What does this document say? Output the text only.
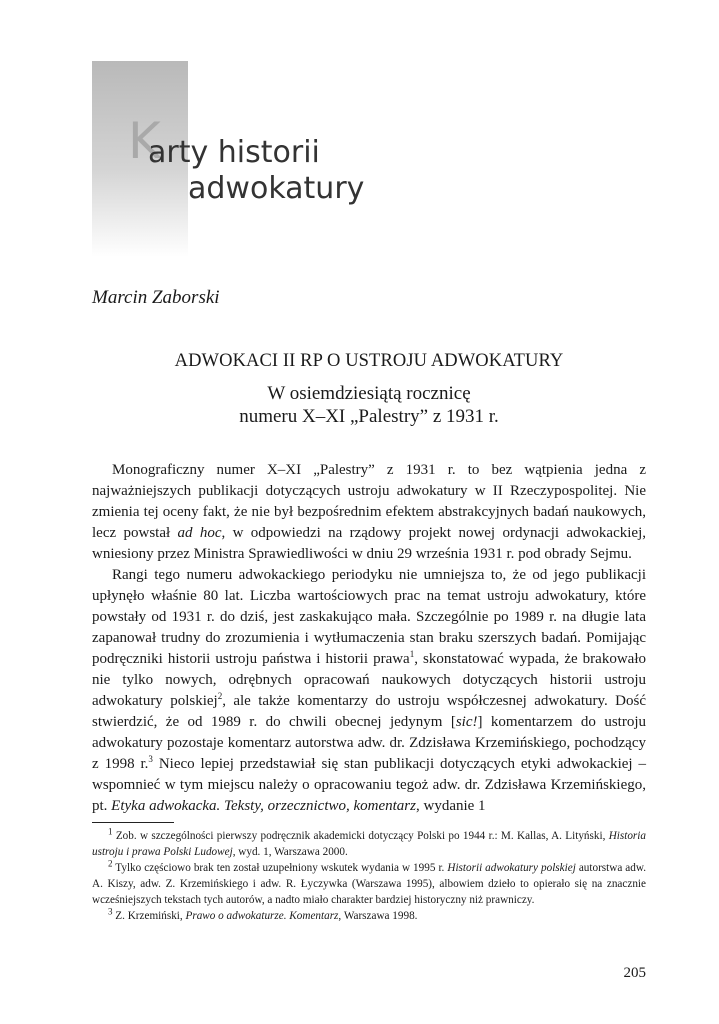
K
arty historii
adwokatury
Marcin Zaborski
ADWOKACI II RP O USTROJU ADWOKATURY
W osiemdziesiątą rocznicę
numeru X–XI „Palestry” z 1931 r.

Monograficzny numer X–XI „Palestry” z 1931 r. to bez wątpienia jedna z najważniejszych publikacji dotyczących ustroju adwokatury w II Rzeczypospolitej. Nie zmienia tej oceny fakt, że nie był bezpośrednim efektem abstrakcyjnych badań naukowych, lecz powstał ad hoc, w odpowiedzi na rządowy projekt nowej ordynacji adwokackiej, wniesiony przez Ministra Sprawiedliwości w dniu 29 września 1931 r. pod obrady Sejmu.

Rangi tego numeru adwokackiego periodyku nie umniejsza to, że od jego publikacji upłynęło właśnie 80 lat. Liczba wartościowych prac na temat ustroju adwokatury, które powstały od 1931 r. do dziś, jest zaskakująco mała. Szczególnie po 1989 r. na długie lata zapanował trudny do zrozumienia i wytłumaczenia stan braku szerszych badań. Pomijając podręczniki historii ustroju państwa i historii prawa$^1$, skonstatować wypada, że brakowało nie tylko nowych, odrębnych opracowań naukowych dotyczących historii ustroju adwokatury polskiej$^2$, ale także komentarzy do ustroju współczesnej adwokatury. Dość stwierdzić, że od 1989 r. do chwili obecnej jedynym [sic!] komentarzem do ustroju adwokatury pozostaje komentarz autorstwa adw. dr. Zdzisława Krzemińskiego, pochodzący z 1998 r.$^3$ Nieco lepiej przedstawiał się stan publikacji dotyczących etyki adwokackiej – wspomnieć w tym miejscu należy o opracowaniu tegoż adw. dr. Zdzisława Krzemińskiego, pt. Etyka adwokacka. Teksty, orzecznictwo, komentarz, wydanie 1

$^1$ Zob. w szczególności pierwszy podręcznik akademicki dotyczący Polski po 1944 r.: M. Kallas, A. Lityński, Historia ustroju i prawa Polski Ludowej, wyd. 1, Warszawa 2000.

$^2$ Tylko częściowo brak ten został uzupełniony wskutek wydania w 1995 r. Historii adwokatury polskiej autorstwa adw. A. Kiszy, adw. Z. Krzemińskiego i adw. R. Łyczywka (Warszawa 1995), albowiem dzieło to opierało się na znacznie wcześniejszych tekstach tych autorów, a nadto miało charakter bardziej historyczny niż prawniczy.

$^3$ Z. Krzemiński, Prawo o adwokaturze. Komentarz, Warszawa 1998.

205
